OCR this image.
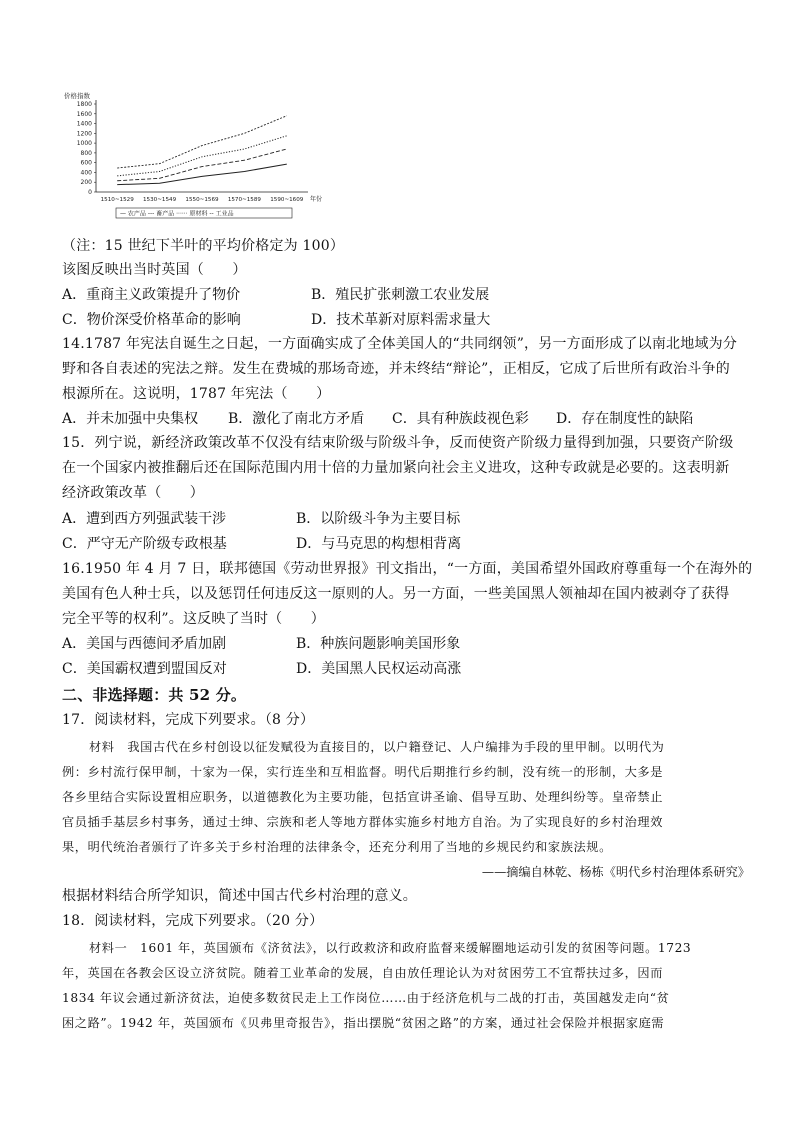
价格指数
0
200
400
600
800
1000
1200
1400
1600
1800
1510~1529 1530~1549 1550~1569 1570~1589 1590~1609 年份
— 农产品 --- 畜产品 ······ 原材料 -- 工业品
（注：15 世纪下半叶的平均价格定为 100）
该图反映出当时英国（　　）
A．重商主义政策提升了物价	B．殖民扩张刺激工农业发展
C．物价深受价格革命的影响	D．技术革新对原料需求量大
14.1787 年宪法自诞生之日起，一方面确实成了全体美国人的“共同纲领”，另一方面形成了以南北地域为分
野和各自表述的宪法之辩。发生在费城的那场奇迹，并未终结“辩论”，正相反，它成了后世所有政治斗争的
根源所在。这说明，1787 年宪法（　　）
A．并未加强中央集权 B．激化了南北方矛盾 C．具有种族歧视色彩 D．存在制度性的缺陷
15．列宁说，新经济政策改革不仅没有结束阶级与阶级斗争，反而使资产阶级力量得到加强，只要资产阶级
在一个国家内被推翻后还在国际范围内用十倍的力量加紧向社会主义进攻，这种专政就是必要的。这表明新
经济政策改革（　　）
A．遭到西方列强武装干涉	B．以阶级斗争为主要目标
C．严守无产阶级专政根基	D．与马克思的构想相背离
16.1950 年 4 月 7 日，联邦德国《劳动世界报》刊文指出，“一方面，美国希望外国政府尊重每一个在海外的
美国有色人种士兵，以及惩罚任何违反这一原则的人。另一方面，一些美国黑人领袖却在国内被剥夺了获得
完全平等的权利”。这反映了当时（　　）
A．美国与西德间矛盾加剧	B．种族问题影响美国形象
C．美国霸权遭到盟国反对	D．美国黑人民权运动高涨
二、非选择题：共 52 分。
17．阅读材料，完成下列要求。（8 分）
材料　我国古代在乡村创设以征发赋役为直接目的，以户籍登记、人户编排为手段的里甲制。以明代为
例：乡村流行保甲制，十家为一保，实行连坐和互相监督。明代后期推行乡约制，没有统一的形制，大多是
各乡里结合实际设置相应职务，以道德教化为主要功能，包括宣讲圣谕、倡导互助、处理纠纷等。皇帝禁止
官员插手基层乡村事务，通过士绅、宗族和老人等地方群体实施乡村地方自治。为了实现良好的乡村治理效
果，明代统治者颁行了许多关于乡村治理的法律条令，还充分利用了当地的乡规民约和家族法规。
——摘编自林乾、杨栋《明代乡村治理体系研究》
根据材料结合所学知识，简述中国古代乡村治理的意义。
18．阅读材料，完成下列要求。（20 分）
材料一　1601 年，英国颁布《济贫法》，以行政救济和政府监督来缓解圈地运动引发的贫困等问题。1723
年，英国在各教会区设立济贫院。随着工业革命的发展，自由放任理论认为对贫困劳工不宜帮扶过多，因而
1834 年议会通过新济贫法，迫使多数贫民走上工作岗位……由于经济危机与二战的打击，英国越发走向“贫
困之路”。1942 年，英国颁布《贝弗里奇报告》，指出摆脱“贫困之路”的方案，通过社会保险并根据家庭需
